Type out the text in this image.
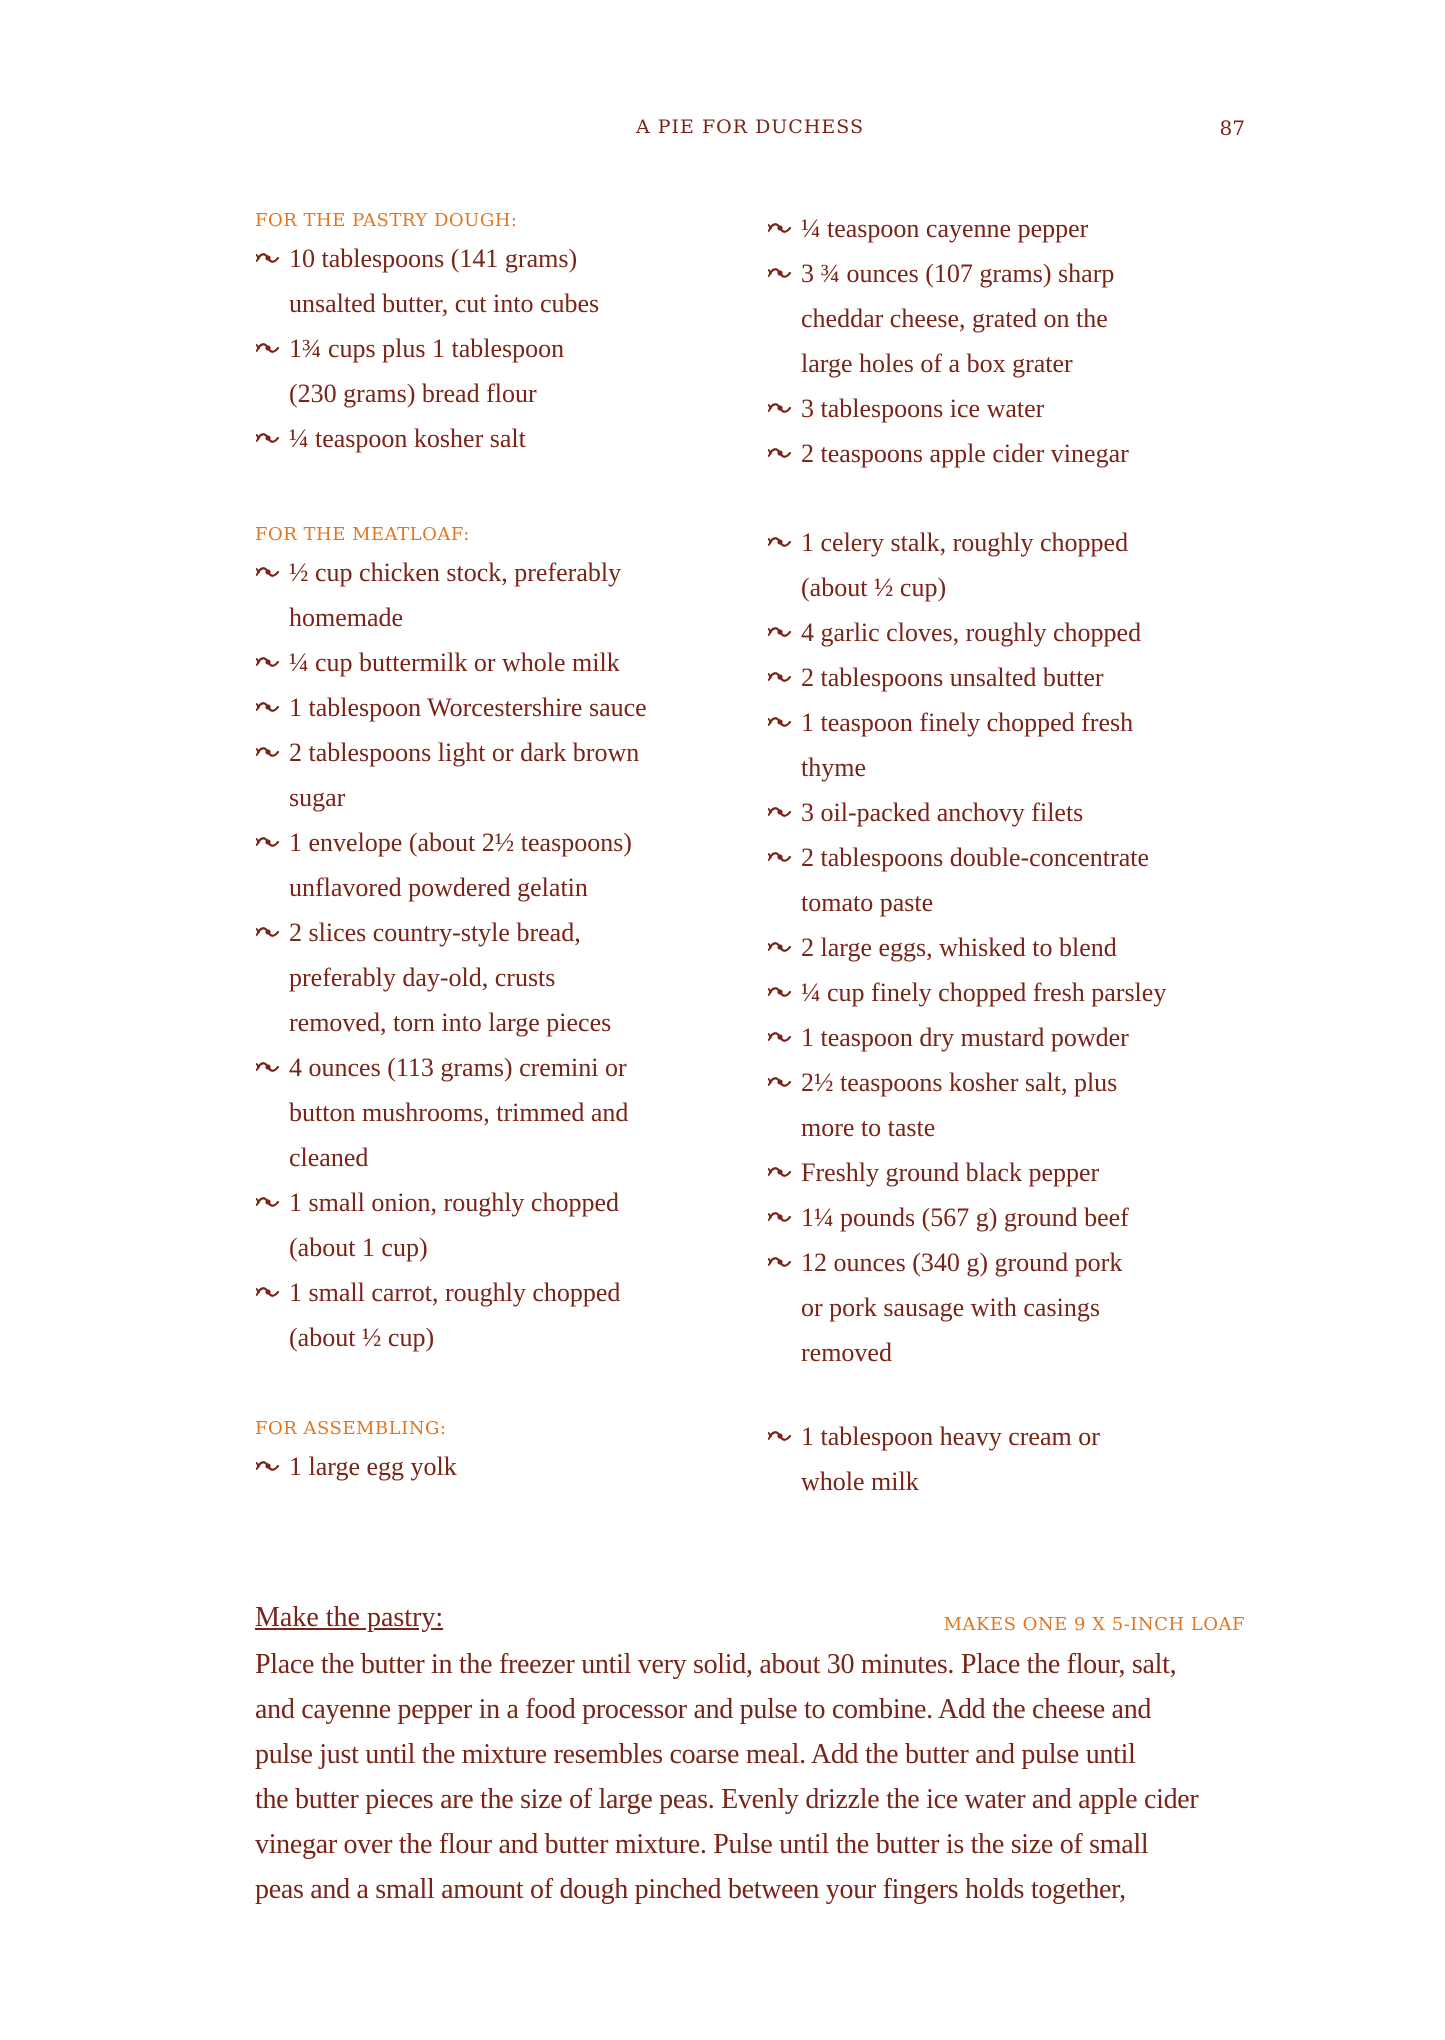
A PIE FOR DUCHESS	87
FOR THE PASTRY DOUGH:
10 tablespoons (141 grams)
unsalted butter, cut into cubes
1¾ cups plus 1 tablespoon
(230 grams) bread flour
¼ teaspoon kosher salt
¼ teaspoon cayenne pepper
3 ¾ ounces (107 grams) sharp
cheddar cheese, grated on the
large holes of a box grater
3 tablespoons ice water
2 teaspoons apple cider vinegar
FOR THE MEATLOAF:
½ cup chicken stock, preferably
homemade
¼ cup buttermilk or whole milk
1 tablespoon Worcestershire sauce
2 tablespoons light or dark brown
sugar
1 envelope (about 2½ teaspoons)
unflavored powdered gelatin
2 slices country-style bread,
preferably day-old, crusts
removed, torn into large pieces
4 ounces (113 grams) cremini or
button mushrooms, trimmed and
cleaned
1 small onion, roughly chopped
(about 1 cup)
1 small carrot, roughly chopped
(about ½ cup)
1 celery stalk, roughly chopped
(about ½ cup)
4 garlic cloves, roughly chopped
2 tablespoons unsalted butter
1 teaspoon finely chopped fresh
thyme
3 oil-packed anchovy filets
2 tablespoons double-concentrate
tomato paste
2 large eggs, whisked to blend
¼ cup finely chopped fresh parsley
1 teaspoon dry mustard powder
2½ teaspoons kosher salt, plus
more to taste
Freshly ground black pepper
1¼ pounds (567 g) ground beef
12 ounces (340 g) ground pork
or pork sausage with casings
removed
FOR ASSEMBLING:
1 large egg yolk
1 tablespoon heavy cream or
whole milk
Make the pastry:	MAKES ONE 9 X 5-INCH LOAF
Place the butter in the freezer until very solid, about 30 minutes. Place the flour, salt,
and cayenne pepper in a food processor and pulse to combine. Add the cheese and
pulse just until the mixture resembles coarse meal. Add the butter and pulse until
the butter pieces are the size of large peas. Evenly drizzle the ice water and apple cider
vinegar over the flour and butter mixture. Pulse until the butter is the size of small
peas and a small amount of dough pinched between your fingers holds together,
